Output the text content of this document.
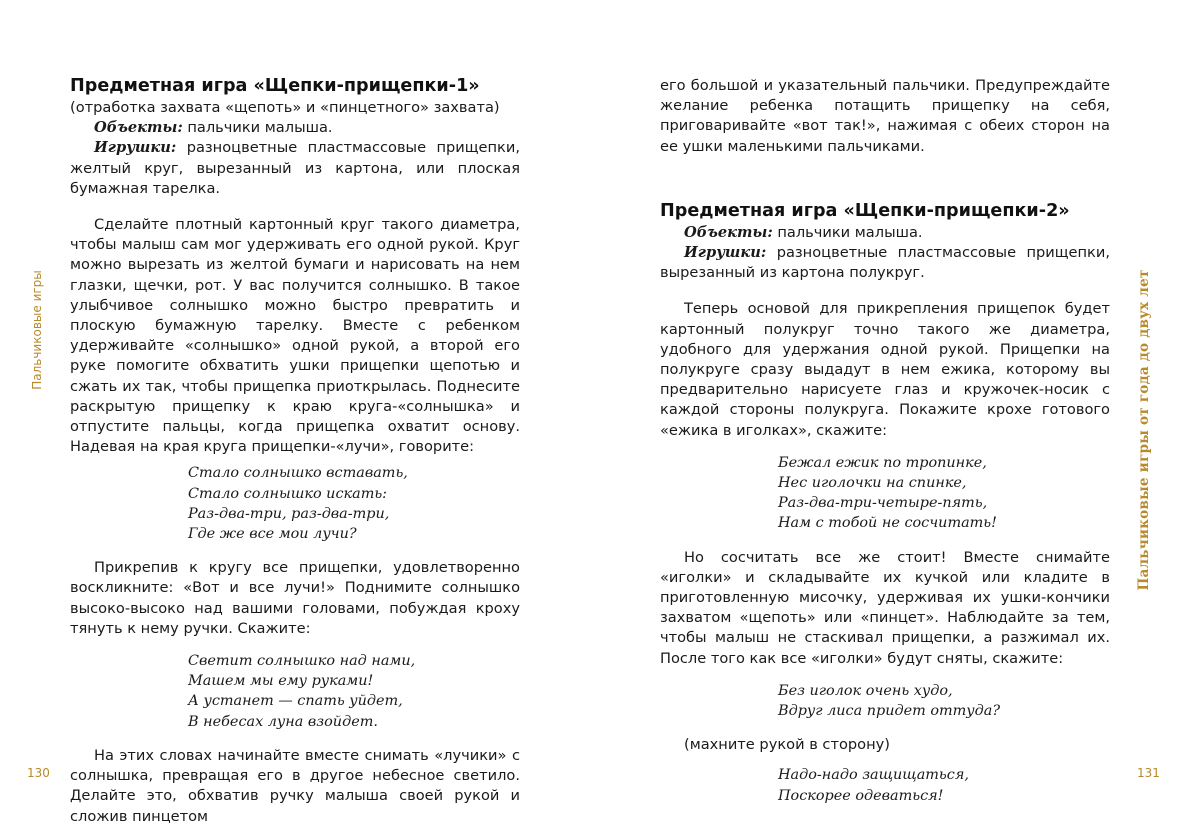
Пальчиковые игры
130
Предметная игра «Щепки-прищепки-1»
(отработка захвата «щепоть» и «пинцетного» захвата)
Объекты: пальчики малыша.
Игрушки: разноцветные пластмассовые прищепки, желтый круг, вырезанный из картона, или плоская бумажная тарелка.

Сделайте плотный картонный круг такого диаметра, чтобы малыш сам мог удерживать его одной рукой. Круг можно вырезать из желтой бумаги и нарисовать на нем глазки, щечки, рот. У вас получится солнышко. В такое улыбчивое солнышко можно быстро превратить и плоскую бумажную тарелку. Вместе с ребенком удерживайте «солнышко» одной рукой, а второй его руке помогите обхватить ушки прищепки щепотью и сжать их так, чтобы прищепка приоткрылась. Поднесите раскрытую прищепку к краю круга-«солнышка» и отпустите пальцы, когда прищепка охватит основу. Надевая на края круга прищепки-«лучи», говорите:

Стало солнышко вставать,
Стало солнышко искать:
Раз-два-три, раз-два-три,
Где же все мои лучи?

Прикрепив к кругу все прищепки, удовлетворенно воскликните: «Вот и все лучи!» Поднимите солнышко высоко-высоко над вашими головами, побуждая кроху тянуть к нему ручки. Скажите:

Светит солнышко над нами,
Машем мы ему руками!
А устанет — спать уйдет,
В небесах луна взойдет.

На этих словах начинайте вместе снимать «лучики» с солнышка, превращая его в другое небесное светило. Делайте это, обхватив ручку малыша своей рукой и сложив пинцетом

его большой и указательный пальчики. Предупреждайте желание ребенка потащить прищепку на себя, приговаривайте «вот так!», нажимая с обеих сторон на ее ушки маленькими пальчиками.

Предметная игра «Щепки-прищепки-2»
Объекты: пальчики малыша.
Игрушки: разноцветные пластмассовые прищепки, вырезанный из картона полукруг.

Теперь основой для прикрепления прищепок будет картонный полукруг точно такого же диаметра, удобного для удержания одной рукой. Прищепки на полукруге сразу выдадут в нем ежика, которому вы предварительно нарисуете глаз и кружочек-носик с каждой стороны полукруга. Покажите крохе готового «ежика в иголках», скажите:

Бежал ежик по тропинке,
Нес иголочки на спинке,
Раз-два-три-четыре-пять,
Нам с тобой не сосчитать!

Но сосчитать все же стоит! Вместе снимайте «иголки» и складывайте их кучкой или кладите в приготовленную мисочку, удерживая их ушки-кончики захватом «щепоть» или «пинцет». Наблюдайте за тем, чтобы малыш не стаскивал прищепки, а разжимал их. После того как все «иголки» будут сняты, скажите:

Без иголок очень худо,
Вдруг лиса придет оттуда?
(махните рукой в сторону)
Надо-надо защищаться,
Поскорее одеваться!
Пальчиковые игры от года до двух лет
131
